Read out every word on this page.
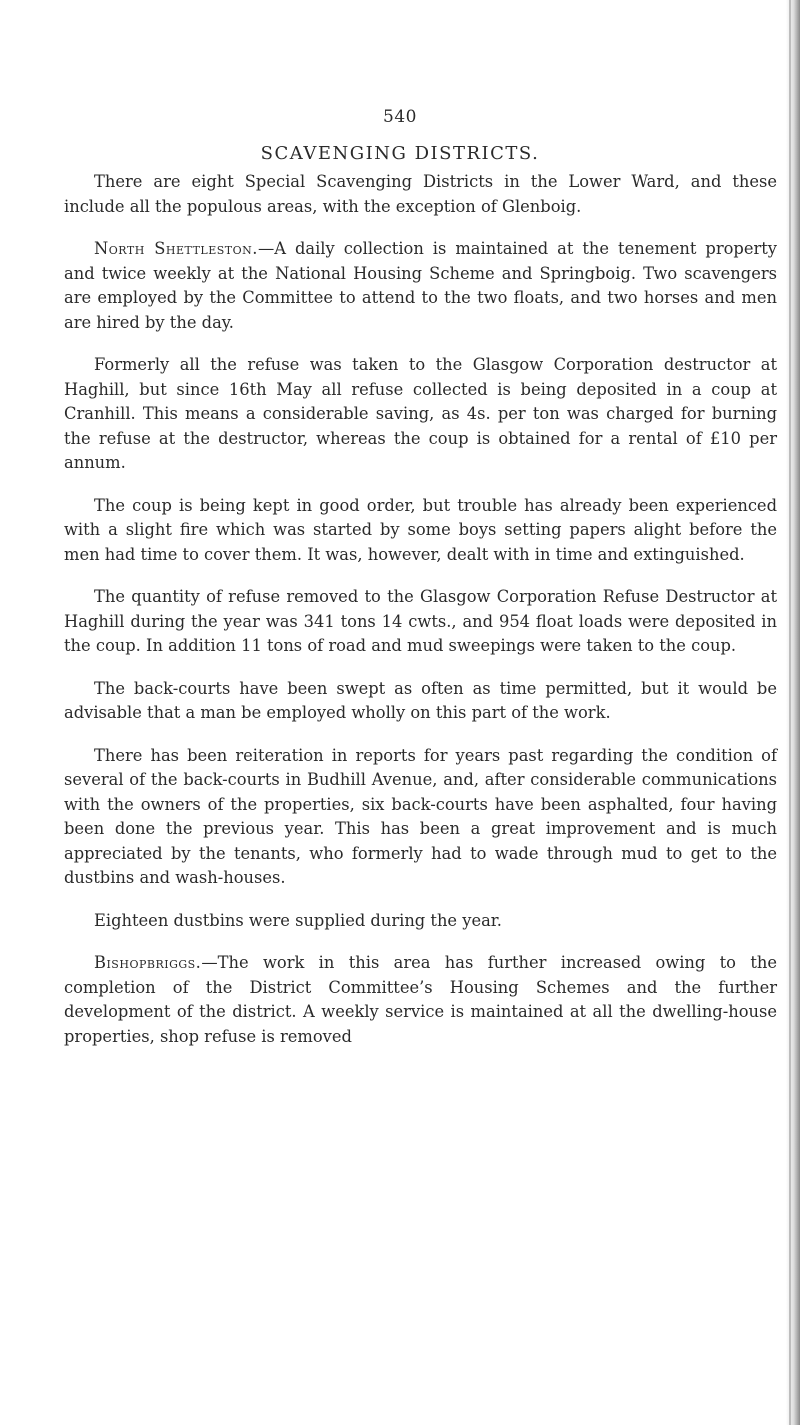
540
SCAVENGING DISTRICTS.

There are eight Special Scavenging Districts in the Lower Ward, and these include all the populous areas, with the exception of Glenboig.

North Shettleston.—A daily collection is maintained at the tenement property and twice weekly at the National Housing Scheme and Springboig. Two scavengers are employed by the Committee to attend to the two floats, and two horses and men are hired by the day.

Formerly all the refuse was taken to the Glasgow Corporation destructor at Haghill, but since 16th May all refuse collected is being deposited in a coup at Cranhill. This means a considerable saving, as 4s. per ton was charged for burning the refuse at the destructor, whereas the coup is obtained for a rental of £10 per annum.

The coup is being kept in good order, but trouble has already been experienced with a slight fire which was started by some boys setting papers alight before the men had time to cover them. It was, however, dealt with in time and extinguished.

The quantity of refuse removed to the Glasgow Corporation Refuse Destructor at Haghill during the year was 341 tons 14 cwts., and 954 float loads were deposited in the coup. In addition 11 tons of road and mud sweepings were taken to the coup.

The back-courts have been swept as often as time permitted, but it would be advisable that a man be employed wholly on this part of the work.

There has been reiteration in reports for years past regarding the condition of several of the back-courts in Budhill Avenue, and, after considerable communications with the owners of the properties, six back-courts have been asphalted, four having been done the previous year. This has been a great improvement and is much appreciated by the tenants, who formerly had to wade through mud to get to the dustbins and wash-houses.

Eighteen dustbins were supplied during the year.

Bishopbriggs.—The work in this area has further increased owing to the completion of the District Committee’s Housing Schemes and the further development of the district. A weekly service is maintained at all the dwelling-house properties, shop refuse is removed
